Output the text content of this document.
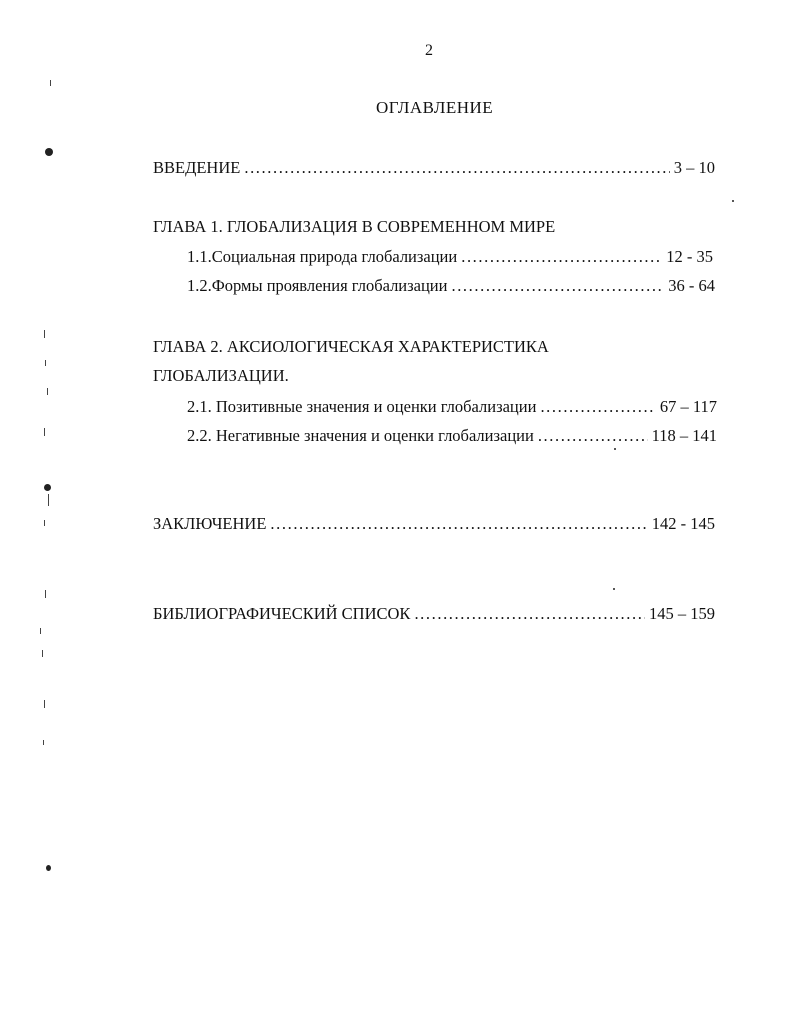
2
ОГЛАВЛЕНИЕ
ВВЕДЕНИЕ .....	3 – 10
ГЛАВА 1. ГЛОБАЛИЗАЦИЯ В СОВРЕМЕННОМ МИРЕ
1.1.Социальная природа глобализации .....	12 - 35
1.2.Формы проявления глобализации .....	36 - 64
ГЛАВА 2. АКСИОЛОГИЧЕСКАЯ ХАРАКТЕРИСТИКА
ГЛОБАЛИЗАЦИИ.
2.1. Позитивные значения и оценки глобализации .....	67 – 117
2.2. Негативные значения и оценки глобализации .....	118 – 141
ЗАКЛЮЧЕНИЕ .....	142 - 145
БИБЛИОГРАФИЧЕСКИЙ СПИСОК .....	145 – 159
